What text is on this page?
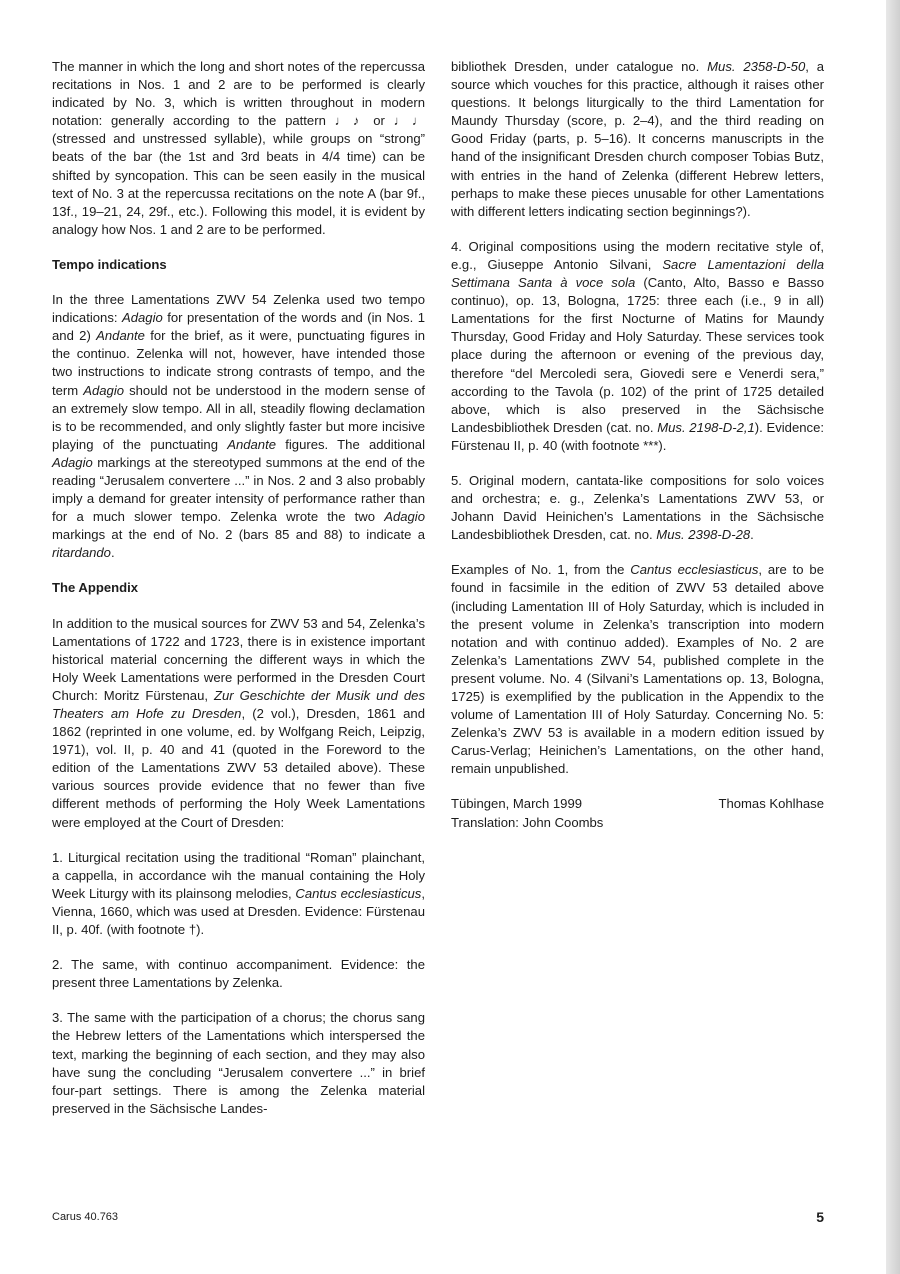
The manner in which the long and short notes of the repercussa recitations in Nos. 1 and 2 are to be performed is clearly indicated by No. 3, which is written throughout in modern notation: generally according to the pattern ♩♪ or ♩♩ (stressed and unstressed syllable), while groups on “strong” beats of the bar (the 1st and 3rd beats in 4/4 time) can be shifted by syncopation. This can be seen easily in the musical text of No. 3 at the repercussa recitations on the note A (bar 9f., 13f., 19–21, 24, 29f., etc.). Following this model, it is evident by analogy how Nos. 1 and 2 are to be performed.

Tempo indications

In the three Lamentations ZWV 54 Zelenka used two tempo indications: Adagio for presentation of the words and (in Nos. 1 and 2) Andante for the brief, as it were, punctuating figures in the continuo. Zelenka will not, however, have intended those two instructions to indicate strong contrasts of tempo, and the term Adagio should not be understood in the modern sense of an extremely slow tempo. All in all, steadily flowing declamation is to be recommended, and only slightly faster but more incisive playing of the punctuating Andante figures. The additional Adagio markings at the stereotyped summons at the end of the reading “Jerusalem convertere ...” in Nos. 2 and 3 also probably imply a demand for greater intensity of performance rather than for a much slower tempo. Zelenka wrote the two Adagio markings at the end of No. 2 (bars 85 and 88) to indicate a ritardando.

The Appendix

In addition to the musical sources for ZWV 53 and 54, Zelenka’s Lamentations of 1722 and 1723, there is in existence important historical material concerning the different ways in which the Holy Week Lamentations were performed in the Dresden Court Church: Moritz Fürstenau, Zur Geschichte der Musik und des Theaters am Hofe zu Dresden, (2 vol.), Dresden, 1861 and 1862 (reprinted in one volume, ed. by Wolfgang Reich, Leipzig, 1971), vol. II, p. 40 and 41 (quoted in the Foreword to the edition of the Lamentations ZWV 53 detailed above). These various sources provide evidence that no fewer than five different methods of performing the Holy Week Lamentations were employed at the Court of Dresden:

1. Liturgical recitation using the traditional “Roman” plainchant, a cappella, in accordance wih the manual containing the Holy Week Liturgy with its plainsong melodies, Cantus ecclesiasticus, Vienna, 1660, which was used at Dresden. Evidence: Fürstenau II, p. 40f. (with footnote †).

2. The same, with continuo accompaniment. Evidence: the present three Lamentations by Zelenka.

3. The same with the participation of a chorus; the chorus sang the Hebrew letters of the Lamentations which interspersed the text, marking the beginning of each section, and they may also have sung the concluding “Jerusalem convertere ...” in brief four-part settings. There is among the Zelenka material preserved in the Sächsische Landes-

bibliothek Dresden, under catalogue no. Mus. 2358-D-50, a source which vouches for this practice, although it raises other questions. It belongs liturgically to the third Lamentation for Maundy Thursday (score, p. 2–4), and the third reading on Good Friday (parts, p. 5–16). It concerns manuscripts in the hand of the insignificant Dresden church composer Tobias Butz, with entries in the hand of Zelenka (different Hebrew letters, perhaps to make these pieces unusable for other Lamentations with different letters indicating section beginnings?).

4. Original compositions using the modern recitative style of, e.g., Giuseppe Antonio Silvani, Sacre Lamentazioni della Settimana Santa à voce sola (Canto, Alto, Basso e Basso continuo), op. 13, Bologna, 1725: three each (i.e., 9 in all) Lamentations for the first Nocturne of Matins for Maundy Thursday, Good Friday and Holy Saturday. These services took place during the afternoon or evening of the previous day, therefore “del Mercoledi sera, Giovedi sere e Venerdi sera,” according to the Tavola (p. 102) of the print of 1725 detailed above, which is also preserved in the Sächsische Landesbibliothek Dresden (cat. no. Mus. 2198-D-2,1). Evidence: Fürstenau II, p. 40 (with footnote ***).

5. Original modern, cantata-like compositions for solo voices and orchestra; e. g., Zelenka’s Lamentations ZWV 53, or Johann David Heinichen’s Lamentations in the Sächsische Landesbibliothek Dresden, cat. no. Mus. 2398-D-28.

Examples of No. 1, from the Cantus ecclesiasticus, are to be found in facsimile in the edition of ZWV 53 detailed above (including Lamentation III of Holy Saturday, which is included in the present volume in Zelenka’s transcription into modern notation and with continuo added). Examples of No. 2 are Zelenka’s Lamentations ZWV 54, published complete in the present volume. No. 4 (Silvani’s Lamentations op. 13, Bologna, 1725) is exemplified by the publication in the Appendix to the volume of Lamentation III of Holy Saturday. Concerning No. 5: Zelenka’s ZWV 53 is available in a modern edition issued by Carus-Verlag; Heinichen’s Lamentations, on the other hand, remain unpublished.

Tübingen, March 1999	Thomas Kohlhase

Translation: John Coombs

Carus 40.763	5
